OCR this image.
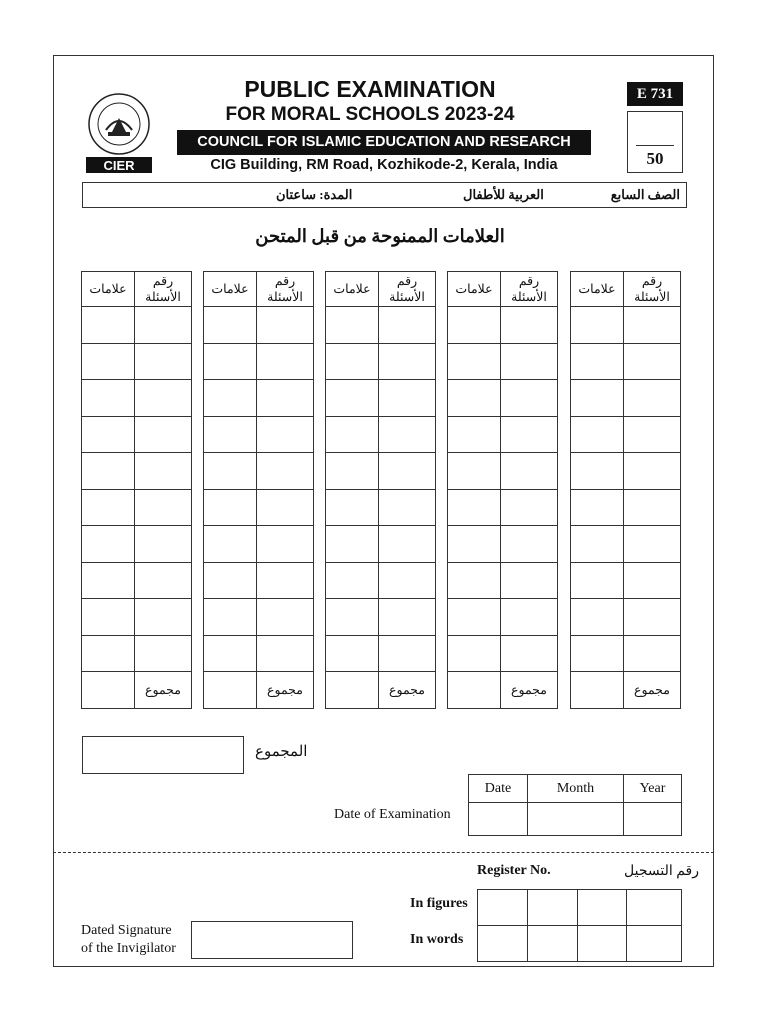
CIER
PUBLIC EXAMINATION
FOR MORAL SCHOOLS 2023-24
COUNCIL FOR ISLAMIC EDUCATION AND RESEARCH
CIG Building, RM Road, Kozhikode-2, Kerala, India
E 731
50
الصف السابع
العربية للأطفال
المدة: ساعتان
العلامات الممنوحة من قبل المتحن
علامات	رقم الأسئلة

	مجموع
علامات	رقم الأسئلة

	مجموع
علامات	رقم الأسئلة

	مجموع
علامات	رقم الأسئلة

	مجموع
علامات	رقم الأسئلة

	مجموع
المجموع
Date	Month	Year

Date of Examination
Register No.	رقم التسجيل

In figures
In words
Dated Signature
of the Invigilator
